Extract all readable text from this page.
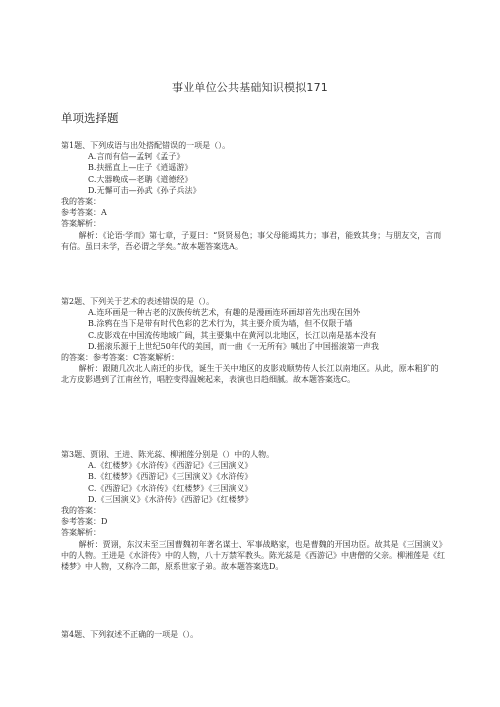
事业单位公共基础知识模拟171
单项选择题
第1题、下列成语与出处搭配错误的一项是（）。
A.言而有信—孟轲《孟子》
B.扶摇直上—庄子《逍遥游》
C.大器晚成—老聃《道德经》
D.无懈可击—孙武《孙子兵法》
我的答案：
参考答案：A
答案解析：
解析：《论语·学而》第七章，子夏曰：“贤贤易色；事父母能竭其力；事君，能致其身；与朋友交，言而有信。虽曰未学，吾必谓之学矣。”故本题答案选A。
第2题、下列关于艺术的表述错误的是（）。
A.连环画是一种古老的汉族传统艺术，有趣的是漫画连环画却首先出现在国外
B.涂鸦在当下是带有时代色彩的艺术行为，其主要介质为墙，但不仅限于墙
C.皮影戏在中国流传地域广阔，其主要集中在黄河以北地区，长江以南是基本没有
D.摇滚乐源于上世纪50年代的美国，而一曲《一无所有》喊出了中国摇滚第一声我
的答案：参考答案：C答案解析：
解析：跟随几次北人南迁的步伐，诞生于关中地区的皮影戏顺势传人长江以南地区。从此，原本粗犷的北方皮影遇到了江南丝竹，唱腔变得温婉起来，表演也日趋细腻。故本题答案选C。
第3题、贾诩、王进、陈光蕊、柳湘莲分别是（）中的人物。
A.《红楼梦》《水浒传》《西游记》《三国演义》
B.《红楼梦》《西游记》《三国演义》《水浒传》
C.《西游记》《水浒传》《红楼梦》《三国演义》
D.《三国演义》《水浒传》《西游记》《红楼梦》
我的答案：
参考答案：D
答案解析：
解析：贾诩，东汉末至三国曹魏初年著名谋士、军事战略家，也是曹魏的开国功臣。故其是《三国演义》中的人物。王进是《水浒传》中的人物，八十万禁军教头。陈光蕊是《西游记》中唐僧的父亲。柳湘莲是《红楼梦》中人物，又称冷二郎，原系世家子弟。故本题答案选D。
第4题、下列叙述不正确的一项是（）。
